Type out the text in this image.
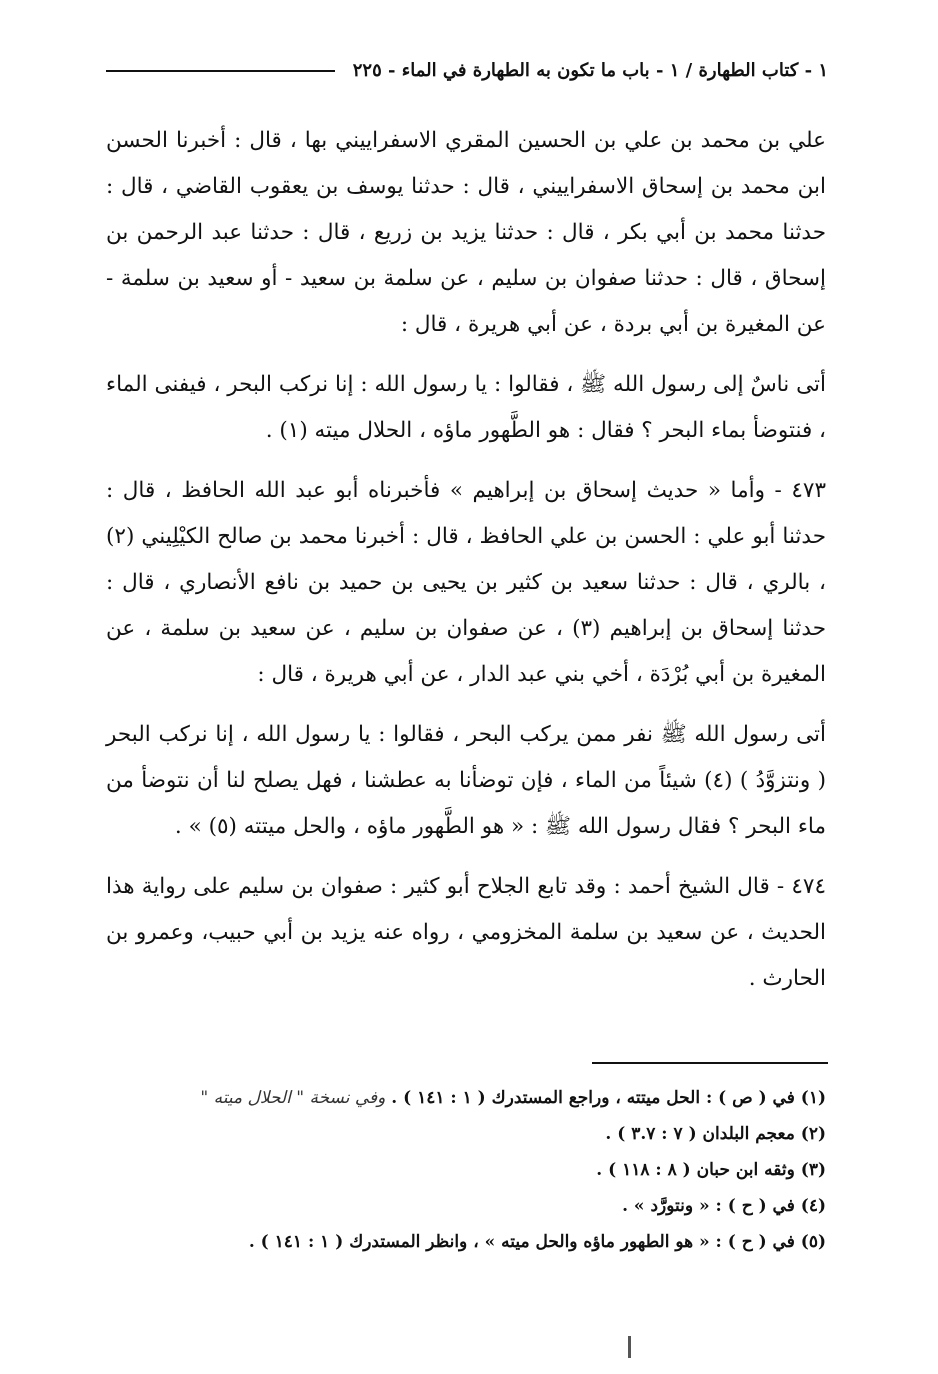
١ - كتاب الطهارة / ١ - باب ما تكون به الطهارة في الماء - ٢٢٥

علي بن محمد بن علي بن الحسين المقري الاسفراييني بها ، قال : أخبرنا الحسن ابن محمد بن إسحاق الاسفراييني ، قال : حدثنا يوسف بن يعقوب القاضي ، قال : حدثنا محمد بن أبي بكر ، قال : حدثنا يزيد بن زريع ، قال : حدثنا عبد الرحمن بن إسحاق ، قال : حدثنا صفوان بن سليم ، عن سلمة بن سعيد - أو سعيد بن سلمة - عن المغيرة بن أبي بردة ، عن أبي هريرة ، قال :

أتى ناسٌ إلى رسول الله ﷺ ، فقالوا : يا رسول الله : إنا نركب البحر ، فيفنى الماء ، فنتوضأ بماء البحر ؟ فقال : هو الطَّهور ماؤه ، الحلال ميته (١) .

٤٧٣ - وأما « حديث إسحاق بن إبراهيم » فأخبرناه أبو عبد الله الحافظ ، قال : حدثنا أبو علي : الحسن بن علي الحافظ ، قال : أخبرنا محمد بن صالح الكيْلِيني (٢) ، بالري ، قال : حدثنا سعيد بن كثير بن يحيى بن حميد بن نافع الأنصاري ، قال : حدثنا إسحاق بن إبراهيم (٣) ، عن صفوان بن سليم ، عن سعيد بن سلمة ، عن المغيرة بن أبي بُرْدَة ، أخي بني عبد الدار ، عن أبي هريرة ، قال :

أتى رسول الله ﷺ نفر ممن يركب البحر ، فقالوا : يا رسول الله ، إنا نركب البحر ( ونتزوَّدُ ) (٤) شيئاً من الماء ، فإن توضأنا به عطشنا ، فهل يصلح لنا أن نتوضأ من ماء البحر ؟ فقال رسول الله ﷺ : « هو الطَّهور ماؤه ، والحل ميتته (٥) » .

٤٧٤ - قال الشيخ أحمد : وقد تابع الجلاح أبو كثير : صفوان بن سليم على رواية هذا الحديث ، عن سعيد بن سلمة المخزومي ، رواه عنه يزيد بن أبي حبيب، وعمرو بن الحارث .

(١) في ( ص ) : الحل ميتته ، وراجع المستدرك ( ١ : ١٤١ ) . وفي نسخة " الحلال ميته "
(٢) معجم البلدان ( ٧ : ٣.٧ ) .
(٣) وثقه ابن حبان ( ٨ : ١١٨ ) .
(٤) في ( ح ) : « ونتورَّد » .
(٥) في ( ح ) : « هو الطهور ماؤه والحل ميته » ، وانظر المستدرك ( ١ : ١٤١ ) .
